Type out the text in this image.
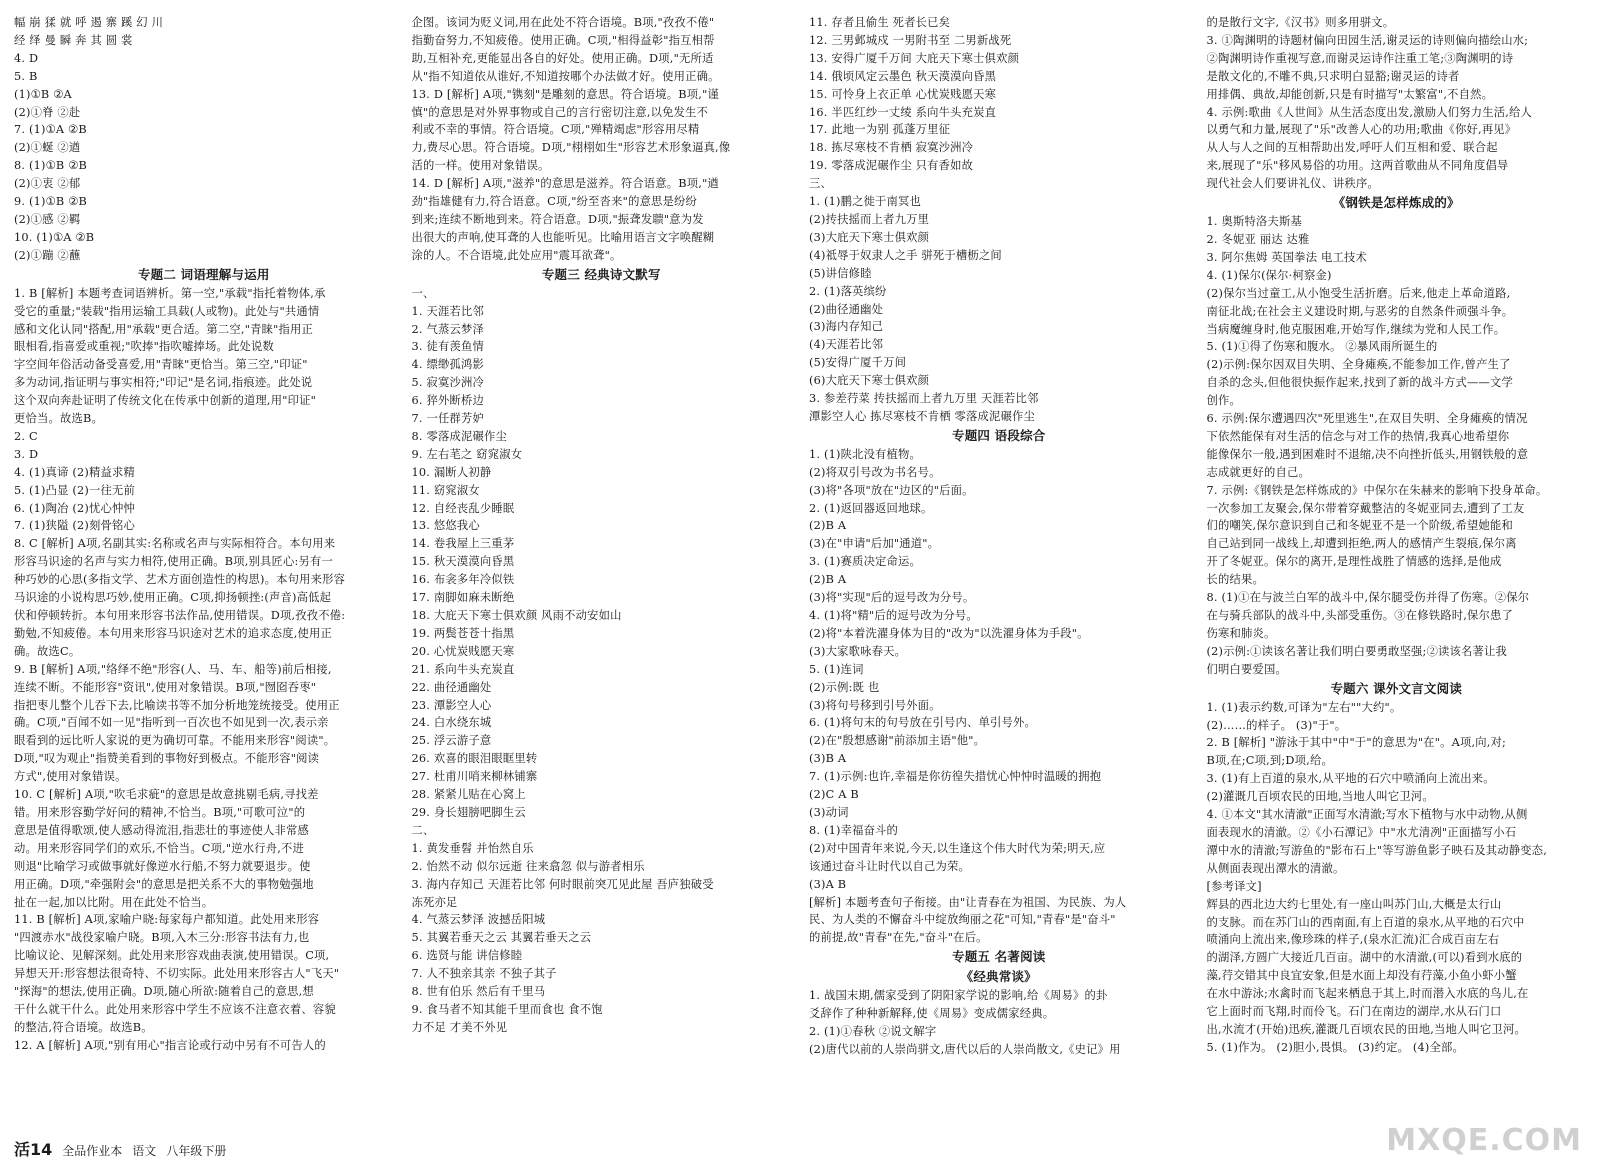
幅 崩 猱 就 呼 遏 寨 蹊 幻 川
经 绎 曼 瞬 奔 其 圆 裳
4. D
5. B
(1)①B ②A
(2)①脊 ②赴
7. (1)①A ②B
(2)①蜒 ②遒
8. (1)①B ②B
(2)①衷 ②郁
9. (1)①B ②B
(2)①感 ②羁
10. (1)①A ②B
(2)①蹦 ②蘸
专题二 词语理解与运用
1. B [解析] 本题考查词语辨析。第一空,"承载"指托着物体,承
受它的重量;"装载"指用运输工具载(人或物)。此处与"共通情
感和文化认同"搭配,用"承载"更合适。第二空,"青睐"指用正
眼相看,指喜爱或重视;"吹捧"指吹嘘捧场。此处说数
字空间年俗活动备受喜爱,用"青睐"更恰当。第三空,"印证"
多为动词,指证明与事实相符;"印记"是名词,指痕迹。此处说
这个双向奔赴证明了传统文化在传承中创新的道理,用"印证"
更恰当。故选B。
2. C
3. D
4. (1)真谛 (2)精益求精
5. (1)凸显 (2)一往无前
6. (1)陶冶 (2)忧心忡忡
7. (1)狭隘 (2)刻骨铭心
8. C [解析] A项,名副其实:名称或名声与实际相符合。本句用来
形容马识途的名声与实力相符,使用正确。B项,别具匠心:另有一
种巧妙的心思(多指文学、艺术方面创造性的构思)。本句用来形容
马识途的小说构思巧妙,使用正确。C项,抑扬顿挫:(声音)高低起
伏和停顿转折。本句用来形容书法作品,使用错误。D项,孜孜不倦:
勤勉,不知疲倦。本句用来形容马识途对艺术的追求态度,使用正
确。故选C。
9. B [解析] A项,"络绎不绝"形容(人、马、车、船等)前后相接,
连续不断。不能形容"资讯",使用对象错误。B项,"囫囵吞枣"
指把枣儿整个儿吞下去,比喻读书等不加分析地笼统接受。使用正
确。C项,"百闻不如一见"指听到一百次也不如见到一次,表示亲
眼看到的远比听人家说的更为确切可靠。不能用来形容"阅读"。
D项,"叹为观止"指赞美看到的事物好到极点。不能形容"阅读
方式",使用对象错误。
10. C [解析] A项,"吹毛求疵"的意思是故意挑剔毛病,寻找差
错。用来形容勤学好问的精神,不恰当。B项,"可歌可泣"的
意思是值得歌颂,使人感动得流泪,指悲壮的事迹使人非常感
动。用来形容同学们的欢乐,不恰当。C项,"逆水行舟,不进
则退"比喻学习或做事就好像逆水行船,不努力就要退步。使
用正确。D项,"牵强附会"的意思是把关系不大的事物勉强地
扯在一起,加以比附。用在此处不恰当。
11. B [解析] A项,家喻户晓:每家每户都知道。此处用来形容
"四渡赤水"战役家喻户晓。B项,入木三分:形容书法有力,也
比喻议论、见解深刻。此处用来形容戏曲表演,使用错误。C项,
异想天开:形容想法很奇特、不切实际。此处用来形容古人"飞天"
"探海"的想法,使用正确。D项,随心所欲:随着自己的意思,想
干什么就干什么。此处用来形容中学生不应该不注意衣着、容貌
的整洁,符合语境。故选B。
12. A [解析] A项,"别有用心"指言论或行动中另有不可告人的
企图。该词为贬义词,用在此处不符合语境。B项,"孜孜不倦"
指勤奋努力,不知疲倦。使用正确。C项,"相得益彰"指互相帮
助,互相补充,更能显出各自的好处。使用正确。D项,"无所适
从"指不知道依从谁好,不知道按哪个办法做才好。使用正确。
13. D [解析] A项,"镌刻"是雕刻的意思。符合语境。B项,"谨
慎"的意思是对外界事物或自己的言行密切注意,以免发生不
利或不幸的事情。符合语境。C项,"殚精竭虑"形容用尽精
力,费尽心思。符合语境。D项,"栩栩如生"形容艺术形象逼真,像
活的一样。使用对象错误。
14. D [解析] A项,"滋养"的意思是滋养。符合语意。B项,"遒
劲"指雄健有力,符合语意。C项,"纷至沓来"的意思是纷纷
到来;连续不断地到来。符合语意。D项,"振聋发聩"意为发
出很大的声响,使耳聋的人也能听见。比喻用语言文字唤醒糊
涂的人。不合语境,此处应用"震耳欲聋"。
专题三 经典诗文默写
一、
1. 天涯若比邻
2. 气蒸云梦泽
3. 徒有羡鱼情
4. 缥缈孤鸿影
5. 寂寞沙洲冷
6. 猝外断桥边
7. 一任群芳妒
8. 零落成泥碾作尘
9. 左右芼之 窈窕淑女
10. 漏断人初静
11. 窈窕淑女
12. 自经丧乱少睡眠
13. 悠悠我心
14. 卷我屋上三重茅
15. 秋天漠漠向昏黑
16. 布衾多年冷似铁
17. 南脚如麻未断绝
18. 大庇天下寒士俱欢颜 风雨不动安如山
19. 两鬓苍苍十指黑
20. 心忧炭贱愿天寒
21. 系向牛头充炭直
22. 曲径通幽处
23. 潭影空人心
24. 白水绕东城
25. 浮云游子意
26. 欢喜的眼泪眼眶里转
27. 杜甫川哨来柳林铺寨
28. 紧紧儿贴在心窝上
29. 身长翅膀吧脚生云
二、
1. 黄发垂髫 并怡然自乐
2. 怡然不动 似尔远逝 往来翕忽 似与游者相乐
3. 海内存知己 天涯若比邻 何时眼前突兀见此屋 吾庐独破受
冻死亦足
4. 气蒸云梦泽 波撼岳阳城
5. 其翼若垂天之云 其翼若垂天之云
6. 选贤与能 讲信修睦
7. 人不独亲其亲 不独子其子
8. 世有伯乐 然后有千里马
9. 食马者不知其能千里而食也 食不饱
力不足 才美不外见
11. 存者且偷生 死者长已矣
12. 三男邺城戍 一男附书至 二男新战死
13. 安得广厦千万间 大庇天下寒士俱欢颜
14. 俄顷风定云墨色 秋天漠漠向昏黑
15. 可怜身上衣正单 心忧炭贱愿天寒
16. 半匹红纱一丈绫 系向牛头充炭直
17. 此地一为别 孤蓬万里征
18. 拣尽寒枝不肯栖 寂寞沙洲冷
19. 零落成泥碾作尘 只有香如故
三、
1. (1)鹏之徙于南冥也
(2)抟扶摇而上者九万里
(3)大庇天下寒士俱欢颜
(4)祗辱于奴隶人之手 骈死于槽枥之间
(5)讲信修睦
2. (1)落英缤纷
(2)曲径通幽处
(3)海内存知己
(4)天涯若比邻
(5)安得广厦千万间
(6)大庇天下寒士俱欢颜
3. 参差荇菜 抟扶摇而上者九万里 天涯若比邻
潭影空人心 拣尽寒枝不肯栖 零落成泥碾作尘
专题四 语段综合
1. (1)陕北没有植物。
(2)将双引号改为书名号。
(3)将"各项"放在"边区的"后面。
2. (1)返回器返回地球。
(2)B A
(3)在"申请"后加"通道"。
3. (1)赛质决定命运。
(2)B A
(3)将"实现"后的逗号改为分号。
4. (1)将"精"后的逗号改为分号。
(2)将"本着洗濯身体为目的"改为"以洗濯身体为手段"。
(3)大家歌咏春天。
5. (1)连词
(2)示例:既 也
(3)将句号移到引号外面。
6. (1)将句末的句号放在引号内、单引号外。
(2)在"殷想感谢"前添加主语"他"。
(3)B A
7. (1)示例:也许,幸福是你彷徨失措忧心忡忡时温暖的拥抱
(2)C A B
(3)动词
8. (1)幸福奋斗的
(2)对中国青年来说,今天,以生逢这个伟大时代为荣;明天,应
该通过奋斗让时代以自己为荣。
(3)A B
[解析] 本题考查句子衔接。由"让青春在为祖国、为民族、为人
民、为人类的不懈奋斗中绽放绚丽之花"可知,"青春"是"奋斗"
的前提,故"青春"在先,"奋斗"在后。
专题五 名著阅读
《经典常谈》
1. 战国末期,儒家受到了阴阳家学说的影响,给《周易》的卦
爻辞作了种种新解释,使《周易》变成儒家经典。
2. (1)①春秋 ②说文解字
(2)唐代以前的人崇尚骈文,唐代以后的人崇尚散文,《史记》用
的是散行文字,《汉书》则多用骈文。
3. ①陶渊明的诗题材偏向田园生活,谢灵运的诗则偏向描绘山水;
②陶渊明诗作重视写意,而谢灵运诗作注重工笔;③陶渊明的诗
是散文化的,不雕不典,只求明白显豁;谢灵运的诗者
用排偶、典故,却能创新,只是有时描写"太繁富",不自然。
4. 示例:歌曲《人世间》从生活态度出发,激励人们努力生活,给人
以勇气和力量,展现了"乐"改善人心的功用;歌曲《你好,再见》
从人与人之间的互相帮助出发,呼吁人们互相和爱、联合起
来,展现了"乐"移风易俗的功用。这两首歌曲从不同角度倡导
现代社会人们要讲礼仪、讲秩序。
《钢铁是怎样炼成的》
1. 奥斯特洛夫斯基
2. 冬妮亚 丽达 达雅
3. 阿尔焦姆 英国拳法 电工技术
4. (1)保尔(保尔·柯察金)
(2)保尔当过童工,从小饱受生活折磨。后来,他走上革命道路,
南征北战;在社会主义建设时期,与恶劣的自然条件顽强斗争。
当病魔缠身时,他克服困难,开始写作,继续为党和人民工作。
5. (1)①得了伤寒和腹水。 ②暴风雨所诞生的
(2)示例:保尔因双目失明、全身瘫痪,不能参加工作,曾产生了
自杀的念头,但他很快振作起来,找到了新的战斗方式——文学
创作。
6. 示例:保尔遭遇四次"死里逃生",在双目失明、全身瘫痪的情况
下依然能保有对生活的信念与对工作的热情,我真心地希望你
能像保尔一般,遇到困难时不退缩,决不向挫折低头,用钢铁般的意
志成就更好的自己。
7. 示例:《钢铁是怎样炼成的》中保尔在朱赫来的影响下投身革命。
一次参加工友聚会,保尔带着穿戴整洁的冬妮亚同去,遭到了工友
们的嘲笑,保尔意识到自己和冬妮亚不是一个阶级,希望她能和
自己站到同一战线上,却遭到拒绝,两人的感情产生裂痕,保尔离
开了冬妮亚。保尔的离开,是理性战胜了情感的选择,是他成
长的结果。
8. (1)①在与波兰白军的战斗中,保尔腿受伤并得了伤寒。②保尔
在与骑兵部队的战斗中,头部受重伤。③在修铁路时,保尔患了
伤寒和肺炎。
(2)示例:①读该名著让我们明白要勇敢坚强;②读该名著让我
们明白要爱国。
专题六 课外文言文阅读
1. (1)表示约数,可译为"左右""大约"。
(2)……的样子。 (3)"于"。
2. B [解析] "游泳于其中"中"于"的意思为"在"。A项,向,对;
B项,在;C项,到;D项,给。
3. (1)有上百道的泉水,从平地的石穴中喷涌向上流出来。
(2)灌溉几百顷农民的田地,当地人叫它卫河。
4. ①本文"其水清澈"正面写水清澈;写水下植物与水中动物,从侧
面表现水的清澈。②《小石潭记》中"水尤清冽"正面描写小石
潭中水的清澈;写游鱼的"影布石上"等写游鱼影子映石及其动静变态,
从侧面表现出潭水的清澈。
[参考译文]
辉县的西北边大约七里处,有一座山叫苏门山,大概是太行山
的支脉。而在苏门山的西南面,有上百道的泉水,从平地的石穴中
喷涌向上流出来,像珍珠的样子,(泉水汇流)汇合成百亩左右
的湖泽,方圆广大接近几百亩。湖中的水清澈,(可以)看到水底的
藻,荇交错其中良宜安象,但是水面上却没有荇藻,小鱼小虾小蟹
在水中游泳;水禽时而飞起来栖息于其上,时而潜入水底的鸟儿,在
它上面时而飞翔,时而伶飞。石门在南边的湖岸,水从石门口
出,水流才(开始)迅疾,灌溉几百顷农民的田地,当地人叫它卫河。
5. (1)作为。 (2)胆小,畏惧。 (3)约定。 (4)全部。
活14 全品作业本 语文 八年级下册	MXQE.COM
